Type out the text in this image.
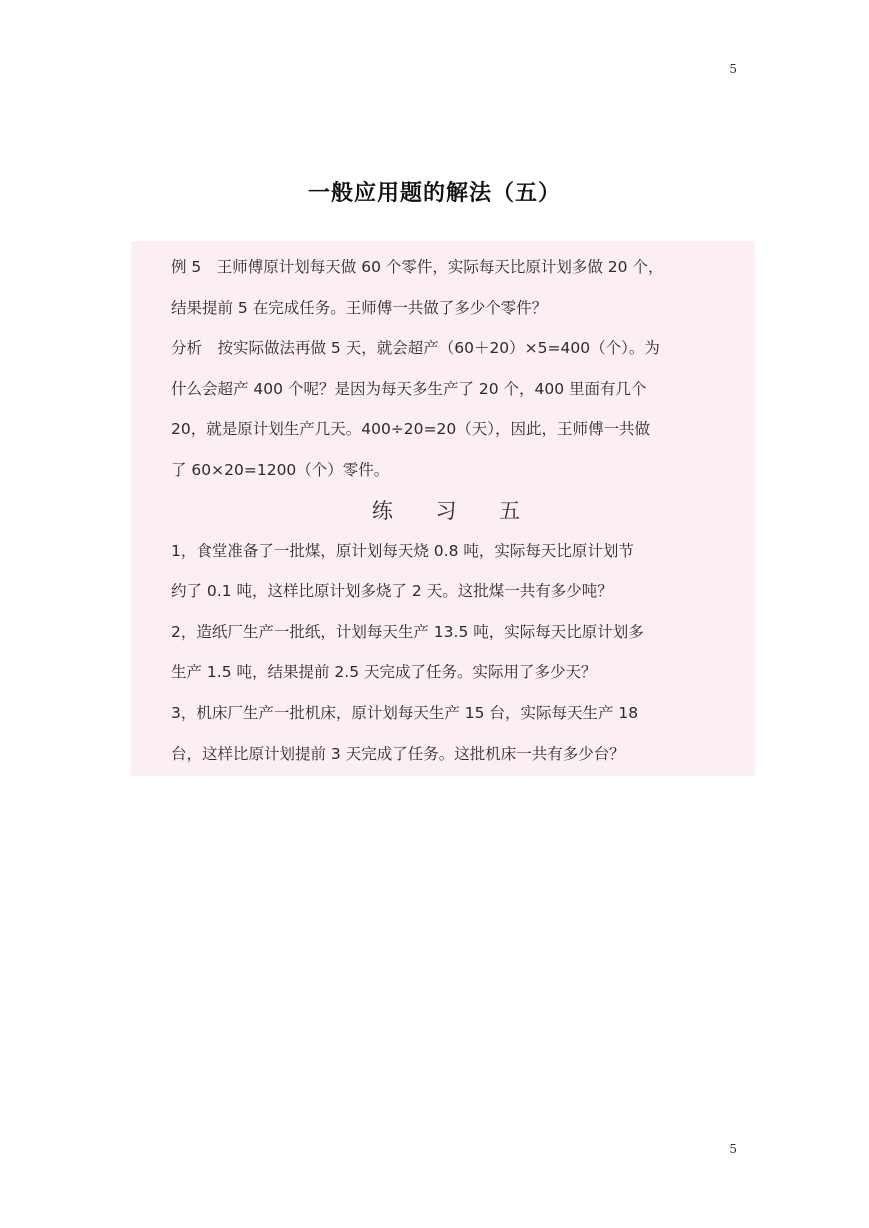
5
一般应用题的解法（五）
例 5　王师傅原计划每天做 60 个零件，实际每天比原计划多做 20 个，
结果提前 5 在完成任务。王师傅一共做了多少个零件？
分析　按实际做法再做 5 天，就会超产（60＋20）×5=400（个）。为
什么会超产 400 个呢？是因为每天多生产了 20 个，400 里面有几个
20，就是原计划生产几天。400÷20=20（天），因此，王师傅一共做
了 60×20=1200（个）零件。
练 习 五
1，食堂准备了一批煤，原计划每天烧 0.8 吨，实际每天比原计划节
约了 0.1 吨，这样比原计划多烧了 2 天。这批煤一共有多少吨？
2，造纸厂生产一批纸，计划每天生产 13.5 吨，实际每天比原计划多
生产 1.5 吨，结果提前 2.5 天完成了任务。实际用了多少天？
3，机床厂生产一批机床，原计划每天生产 15 台，实际每天生产 18
台，这样比原计划提前 3 天完成了任务。这批机床一共有多少台？
5
